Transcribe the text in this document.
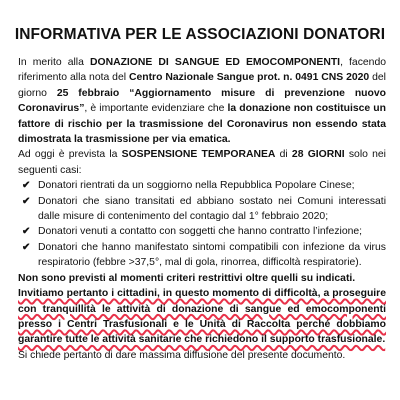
INFORMATIVA PER LE ASSOCIAZIONI DONATORI

In merito alla DONAZIONE DI SANGUE ED EMOCOMPONENTI, facendo riferimento alla nota del Centro Nazionale Sangue prot. n. 0491 CNS 2020 del giorno 25 febbraio “Aggiornamento misure di prevenzione nuovo Coronavirus”, è importante evidenziare che la donazione non costituisce un fattore di rischio per la trasmissione del Coronavirus non essendo stata dimostrata la trasmissione per via ematica.

Ad oggi è prevista la SOSPENSIONE TEMPORANEA di 28 GIORNI solo nei seguenti casi:

✔ Donatori rientrati da un soggiorno nella Repubblica Popolare Cinese;
✔ Donatori che siano transitati ed abbiano sostato nei Comuni interessati dalle misure di contenimento del contagio dal 1° febbraio 2020;
✔ Donatori venuti a contatto con soggetti che hanno contratto l’infezione;
✔ Donatori che hanno manifestato sintomi compatibili con infezione da virus respiratorio (febbre >37,5°, mal di gola, rinorrea, difficoltà respiratorie).

Non sono previsti al momenti criteri restrittivi oltre quelli su indicati.

Invitiamo pertanto i cittadini, in questo momento di difficoltà, a proseguire con tranquillità le attività di donazione di sangue ed emocomponenti presso i Centri Trasfusionali e le Unità di Raccolta perché dobbiamo garantire tutte le attività sanitarie che richiedono il supporto trasfusionale.

Si chiede pertanto di dare massima diffusione del presente documento.
